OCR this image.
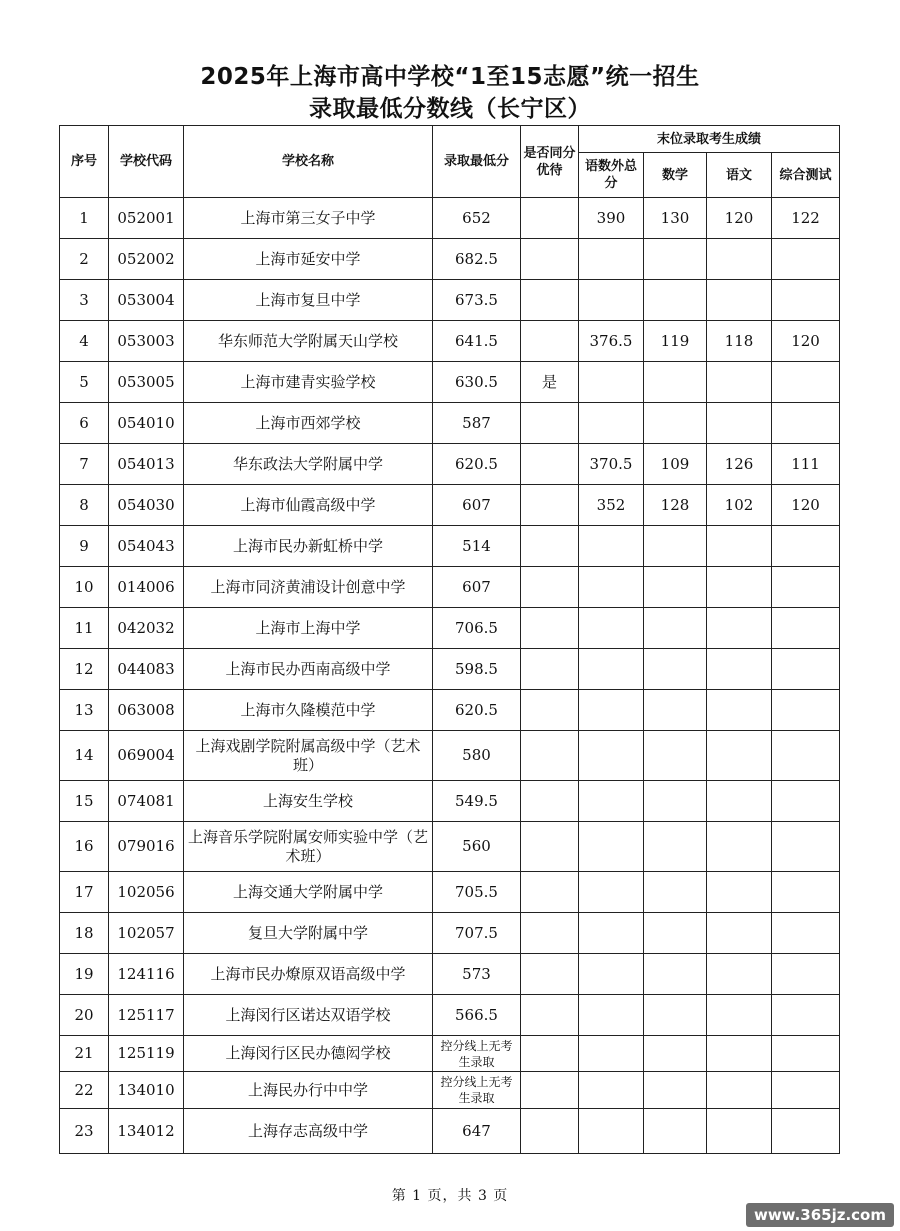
2025年上海市高中学校“1至15志愿”统一招生
录取最低分数线（长宁区）
序号	学校代码	学校名称	录取最低分	是否同分优待	末位录取考生成绩			
					语数外总分	数学	语文	综合测试
1	052001	上海市第三女子中学	652		390	130	120	122
2	052002	上海市延安中学	682.5					
3	053004	上海市复旦中学	673.5					
4	053003	华东师范大学附属天山学校	641.5		376.5	119	118	120
5	053005	上海市建青实验学校	630.5	是				
6	054010	上海市西郊学校	587					
7	054013	华东政法大学附属中学	620.5		370.5	109	126	111
8	054030	上海市仙霞高级中学	607		352	128	102	120
9	054043	上海市民办新虹桥中学	514					
10	014006	上海市同济黄浦设计创意中学	607					
11	042032	上海市上海中学	706.5					
12	044083	上海市民办西南高级中学	598.5					
13	063008	上海市久隆模范中学	620.5					
14	069004	上海戏剧学院附属高级中学（艺术班）	580					
15	074081	上海安生学校	549.5					
16	079016	上海音乐学院附属安师实验中学（艺术班）	560					
17	102056	上海交通大学附属中学	705.5					
18	102057	复旦大学附属中学	707.5					
19	124116	上海市民办燎原双语高级中学	573					
20	125117	上海闵行区诺达双语学校	566.5					
21	125119	上海闵行区民办德闳学校	控分线上无考生录取					
22	134010	上海民办行中中学	控分线上无考生录取					
23	134012	上海存志高级中学	647					
第 1 页，共 3 页
www.365jz.com
